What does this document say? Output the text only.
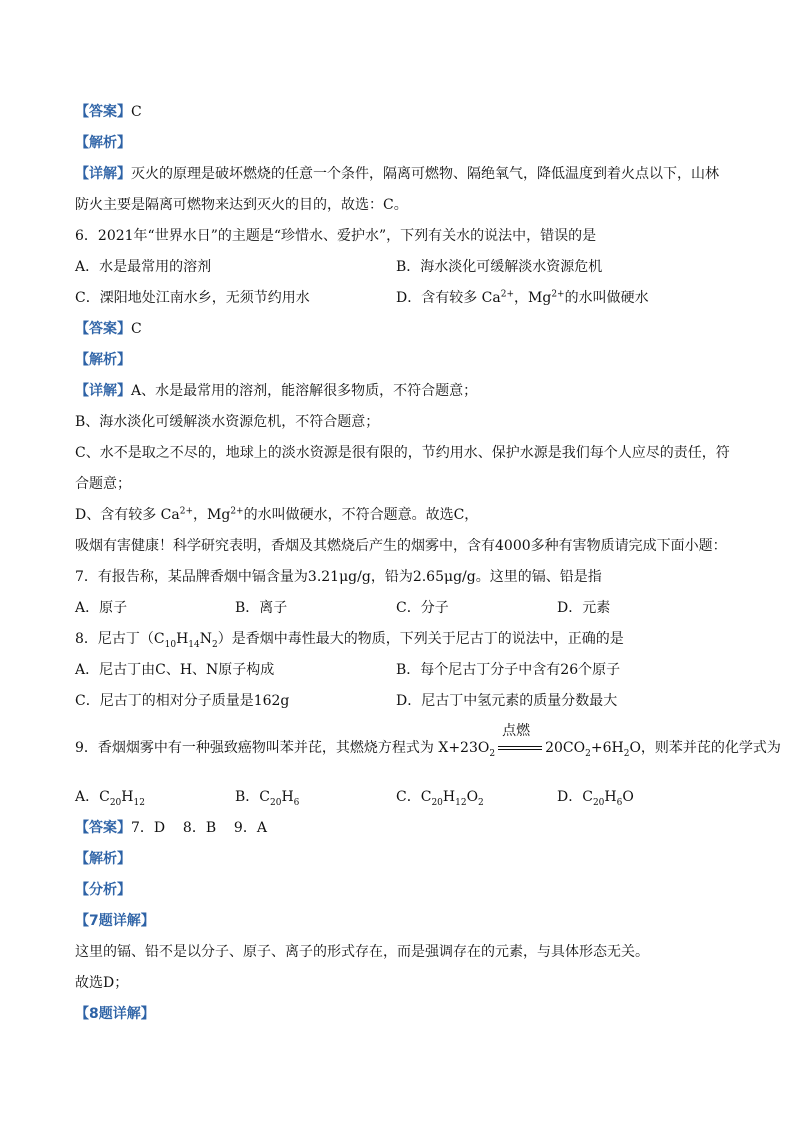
【答案】C
【解析】
【详解】灭火的原理是破坏燃烧的任意一个条件，隔离可燃物、隔绝氧气，降低温度到着火点以下，山林
防火主要是隔离可燃物来达到灭火的目的，故选：C。
6．2021年“世界水日”的主题是“珍惜水、爱护水”，下列有关水的说法中，错误的是
A．水是最常用的溶剂	B．海水淡化可缓解淡水资源危机
C．溧阳地处江南水乡，无须节约用水	D．含有较多 $Ca^{2+}$，$Mg^{2+}$的水叫做硬水
【答案】C
【解析】
【详解】A、水是最常用的溶剂，能溶解很多物质，不符合题意；
B、海水淡化可缓解淡水资源危机，不符合题意；
C、水不是取之不尽的，地球上的淡水资源是很有限的，节约用水、保护水源是我们每个人应尽的责任，符
合题意；
D、含有较多 $Ca^{2+}$，$Mg^{2+}$的水叫做硬水，不符合题意。故选C，
吸烟有害健康！科学研究表明，香烟及其燃烧后产生的烟雾中，含有4000多种有害物质请完成下面小题：
7．有报告称，某品牌香烟中镉含量为3.21μg/g，铅为2.65μg/g。这里的镉、铅是指
A．原子	B．离子	C．分子	D．元素
8．尼古丁$(C_{10}H_{14}N_2)$是香烟中毒性最大的物质，下列关于尼古丁的说法中，正确的是
A．尼古丁由C、H、N原子构成	B．每个尼古丁分子中含有26个原子
C．尼古丁的相对分子质量是162g	D．尼古丁中氢元素的质量分数最大
9．香烟烟雾中有一种强致癌物叫苯并芘，其燃烧方程式为 $X+23O_2$
点燃
$20CO_2+6H_2O$，则苯并芘的化学式为
A．$C_{20}H_{12}$	B．$C_{20}H_6$	C．$C_{20}H_{12}O_2$	D．$C_{20}H_6O$
【答案】7．D    8．B    9．A
【解析】
【分析】
【7题详解】
这里的镉、铅不是以分子、原子、离子的形式存在，而是强调存在的元素，与具体形态无关。
故选D；
【8题详解】
